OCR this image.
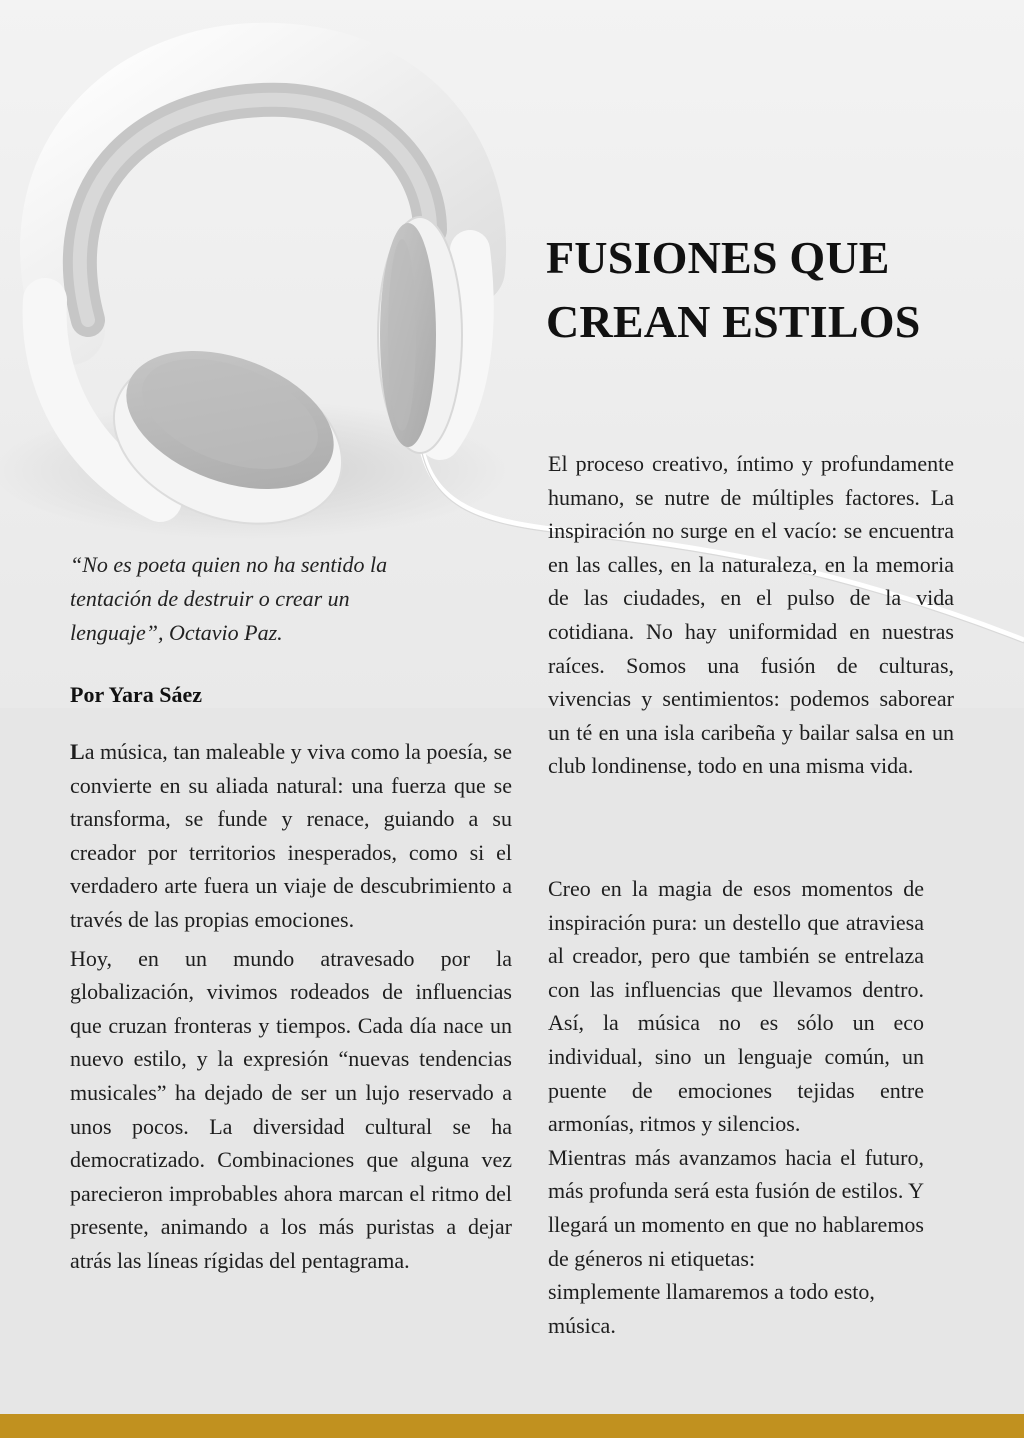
FUSIONES QUE CREAN ESTILOS
“No es poeta quien no ha sentido la tentación de destruir o crear un lenguaje”, Octavio Paz.
Por Yara Sáez

La música, tan maleable y viva como la poesía, se convierte en su aliada natural: una fuerza que se transforma, se funde y renace, guiando a su creador por territorios inesperados, como si el verdadero arte fuera un viaje de descubrimiento a través de las propias emociones.

Hoy, en un mundo atravesado por la globalización, vivimos rodeados de influencias que cruzan fronteras y tiempos. Cada día nace un nuevo estilo, y la expresión “nuevas tendencias musicales” ha dejado de ser un lujo reservado a unos pocos. La diversidad cultural se ha democratizado. Combinaciones que alguna vez parecieron improbables ahora marcan el ritmo del presente, animando a los más puristas a dejar atrás las líneas rígidas del pentagrama.

El proceso creativo, íntimo y profundamente humano, se nutre de múltiples factores. La inspiración no surge en el vacío: se encuentra en las calles, en la naturaleza, en la memoria de las ciudades, en el pulso de la vida cotidiana. No hay uniformidad en nuestras raíces. Somos una fusión de culturas, vivencias y sentimientos: podemos saborear un té en una isla caribeña y bailar salsa en un club londinense, todo en una misma vida.

Creo en la magia de esos momentos de inspiración pura: un destello que atraviesa al creador, pero que también se entrelaza con las influencias que llevamos dentro. Así, la música no es sólo un eco individual, sino un lenguaje común, un puente de emociones tejidas entre armonías, ritmos y silencios.

Mientras más avanzamos hacia el futuro, más profunda será esta fusión de estilos. Y llegará un momento en que no hablaremos de géneros ni etiquetas:

simplemente llamaremos a todo esto, música.
